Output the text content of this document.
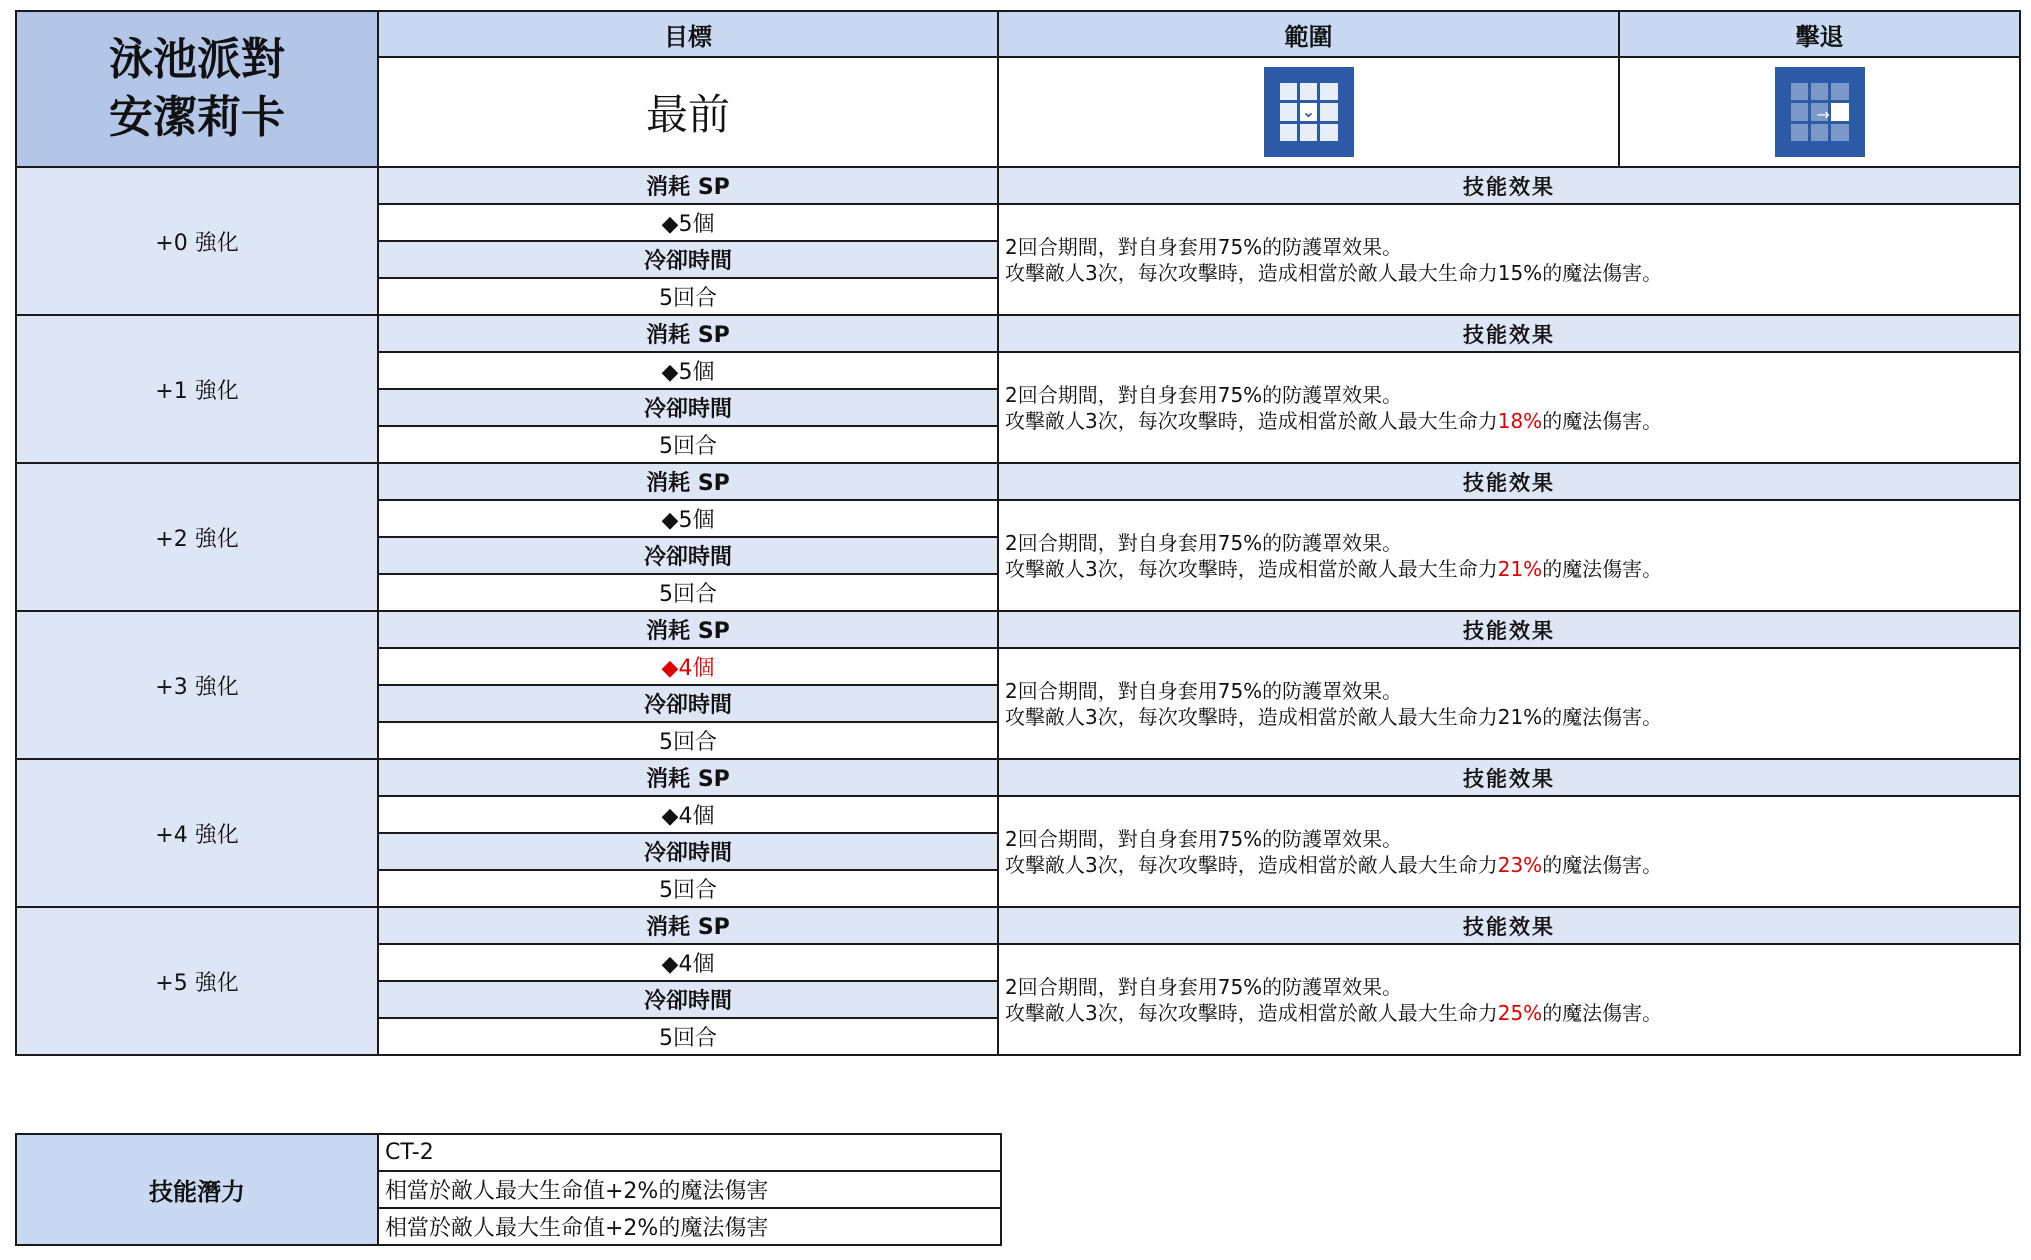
泳池派對
安潔莉卡	目標	範圍	擊退
	最前	⌄	→

+0 強化	消耗 SP	技能效果	
	◆5個	2回合期間，對自身套用75%的防護罩效果。
攻擊敵人3次，每次攻擊時，造成相當於敵人最大生命力15%的魔法傷害。	

	冷卻時間		
	5回合		
+1 強化	消耗 SP	技能效果	
	◆5個	2回合期間，對自身套用75%的防護罩效果。
攻擊敵人3次，每次攻擊時，造成相當於敵人最大生命力18%的魔法傷害。	

	冷卻時間		
	5回合		
+2 強化	消耗 SP	技能效果	
	◆5個	2回合期間，對自身套用75%的防護罩效果。
攻擊敵人3次，每次攻擊時，造成相當於敵人最大生命力21%的魔法傷害。	

	冷卻時間		
	5回合		
+3 強化	消耗 SP	技能效果	
	◆4個	2回合期間，對自身套用75%的防護罩效果。
攻擊敵人3次，每次攻擊時，造成相當於敵人最大生命力21%的魔法傷害。	

	冷卻時間		
	5回合		
+4 強化	消耗 SP	技能效果	
	◆4個	2回合期間，對自身套用75%的防護罩效果。
攻擊敵人3次，每次攻擊時，造成相當於敵人最大生命力23%的魔法傷害。	

	冷卻時間		
	5回合		
+5 強化	消耗 SP	技能效果	
	◆4個	2回合期間，對自身套用75%的防護罩效果。
攻擊敵人3次，每次攻擊時，造成相當於敵人最大生命力25%的魔法傷害。	

	冷卻時間		
	5回合		
技能潛力	CT-2
相當於敵人最大生命值+2%的魔法傷害
相當於敵人最大生命值+2%的魔法傷害
